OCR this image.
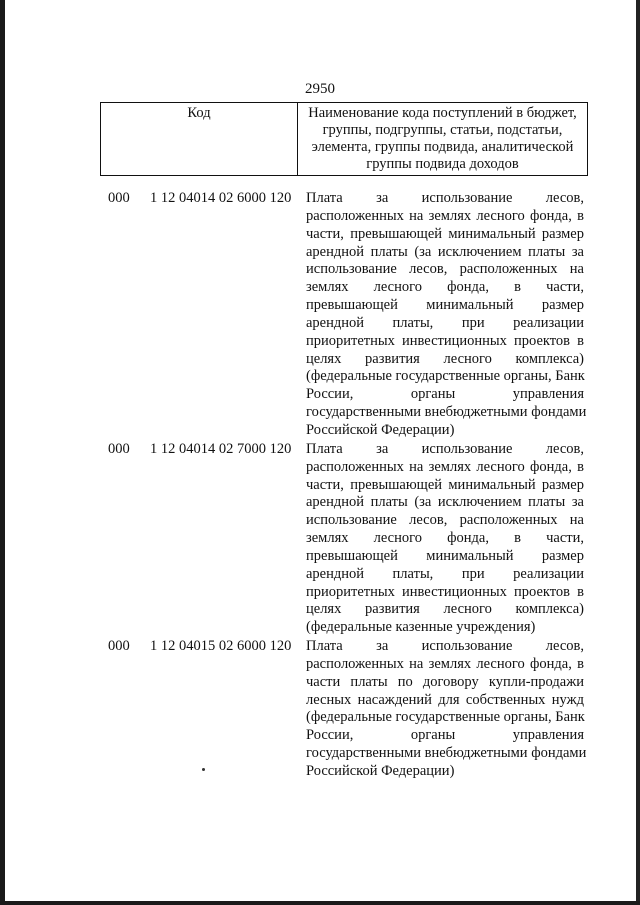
2950
Код	Наименование кода поступлений в бюджет,
группы, подгруппы, статьи, подстатьи,
элемента, группы подвида, аналитической
группы подвида доходов
000	1 12 04014 02 6000 120	Плата за использование лесов,
расположенных на землях лесного фонда, в
части, превышающей минимальный размер
арендной платы (за исключением платы за
использование лесов, расположенных на
землях лесного фонда, в части,
превышающей минимальный размер
арендной платы, при реализации
приоритетных инвестиционных проектов в
целях развития лесного комплекса)
(федеральные государственные органы, Банк
России, органы управления
государственными внебюджетными фондами
Российской Федерации)
000	1 12 04014 02 7000 120	Плата за использование лесов,
расположенных на землях лесного фонда, в
части, превышающей минимальный размер
арендной платы (за исключением платы за
использование лесов, расположенных на
землях лесного фонда, в части,
превышающей минимальный размер
арендной платы, при реализации
приоритетных инвестиционных проектов в
целях развития лесного комплекса)
(федеральные казенные учреждения)
000	1 12 04015 02 6000 120	Плата за использование лесов,
расположенных на землях лесного фонда, в
части платы по договору купли-продажи
лесных насаждений для собственных нужд
(федеральные государственные органы, Банк
России, органы управления
государственными внебюджетными фондами
Российской Федерации)
